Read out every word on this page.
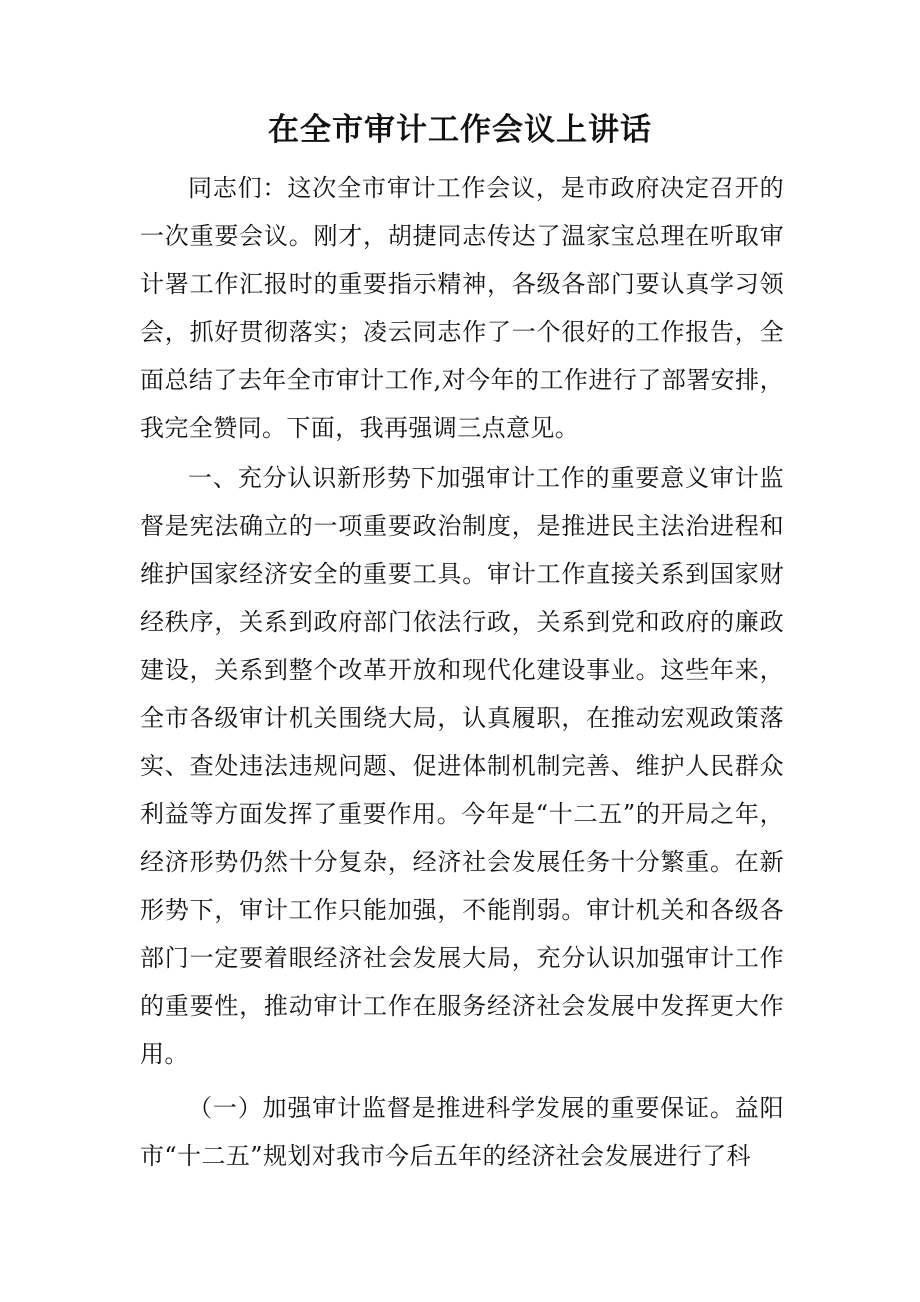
在全市审计工作会议上讲话

同志们：这次全市审计工作会议，是市政府决定召开的一次重要会议。刚才，胡捷同志传达了温家宝总理在听取审计署工作汇报时的重要指示精神，各级各部门要认真学习领会，抓好贯彻落实；凌云同志作了一个很好的工作报告，全面总结了去年全市审计工作,对今年的工作进行了部署安排，我完全赞同。下面，我再强调三点意见。

一、充分认识新形势下加强审计工作的重要意义审计监督是宪法确立的一项重要政治制度，是推进民主法治进程和维护国家经济安全的重要工具。审计工作直接关系到国家财经秩序，关系到政府部门依法行政，关系到党和政府的廉政建设，关系到整个改革开放和现代化建设事业。这些年来，全市各级审计机关围绕大局，认真履职，在推动宏观政策落实、查处违法违规问题、促进体制机制完善、维护人民群众利益等方面发挥了重要作用。今年是“十二五”的开局之年，经济形势仍然十分复杂，经济社会发展任务十分繁重。在新形势下，审计工作只能加强，不能削弱。审计机关和各级各部门一定要着眼经济社会发展大局，充分认识加强审计工作的重要性，推动审计工作在服务经济社会发展中发挥更大作用。

（一）加强审计监督是推进科学发展的重要保证。益阳市“十二五”规划对我市今后五年的经济社会发展进行了科
